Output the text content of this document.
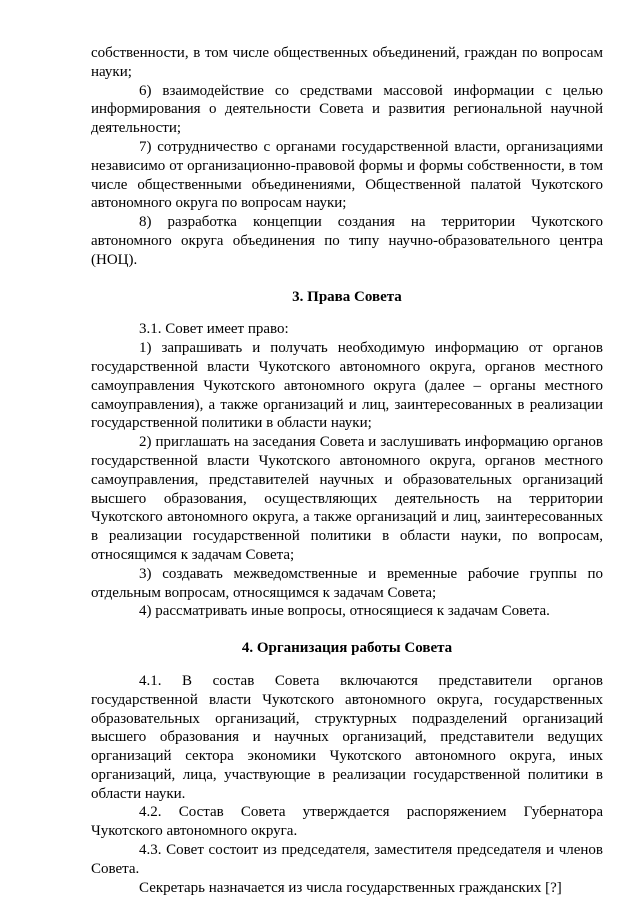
собственности, в том числе общественных объединений, граждан по вопросам науки;

6) взаимодействие со средствами массовой информации с целью информирования о деятельности Совета и развития региональной научной деятельности;

7) сотрудничество с органами государственной власти, организациями независимо от организационно-правовой формы и формы собственности, в том числе общественными объединениями, Общественной палатой Чукотского автономного округа по вопросам науки;

8) разработка концепции создания на территории Чукотского автономного округа объединения по типу научно-образовательного центра (НОЦ).

3. Права Совета

3.1. Совет имеет право:

1) запрашивать и получать необходимую информацию от органов государственной власти Чукотского автономного округа, органов местного самоуправления Чукотского автономного округа (далее – органы местного самоуправления), а также организаций и лиц, заинтересованных в реализации государственной политики в области науки;

2) приглашать на заседания Совета и заслушивать информацию органов государственной власти Чукотского автономного округа, органов местного самоуправления, представителей научных и образовательных организаций высшего образования, осуществляющих деятельность на территории Чукотского автономного округа, а также организаций и лиц, заинтересованных в реализации государственной политики в области науки, по вопросам, относящимся к задачам Совета;

3) создавать межведомственные и временные рабочие группы по отдельным вопросам, относящимся к задачам Совета;

4) рассматривать иные вопросы, относящиеся к задачам Совета.

4. Организация работы Совета

4.1. В состав Совета включаются представители органов государственной власти Чукотского автономного округа, государственных образовательных организаций, структурных подразделений организаций высшего образования и научных организаций, представители ведущих организаций сектора экономики Чукотского автономного округа, иных организаций, лица, участвующие в реализации государственной политики в области науки.

4.2. Состав Совета утверждается распоряжением Губернатора Чукотского автономного округа.

4.3. Совет состоит из председателя, заместителя председателя и членов Совета.

Секретарь назначается из числа государственных гражданских [?]
